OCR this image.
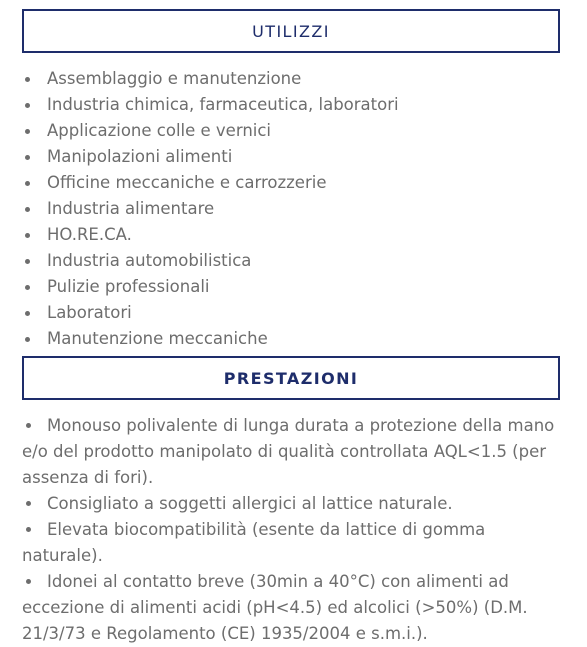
UTILIZZI
Assemblaggio e manutenzione
Industria chimica, farmaceutica, laboratori
Applicazione colle e vernici
Manipolazioni alimenti
Officine meccaniche e carrozzerie
Industria alimentare
HO.RE.CA.
Industria automobilistica
Pulizie professionali
Laboratori
Manutenzione meccaniche
PRESTAZIONI

Monouso polivalente di lunga durata a protezione della mano e/o del prodotto manipolato di qualità controllata AQL<1.5 (per assenza di fori).

Consigliato a soggetti allergici al lattice naturale.

Elevata biocompatibilità (esente da lattice di gomma naturale).

Idonei al contatto breve (30min a 40°C) con alimenti ad eccezione di alimenti acidi (pH<4.5) ed alcolici (>50%) (D.M. 21/3/73 e Regolamento (CE) 1935/2004 e s.m.i.).
